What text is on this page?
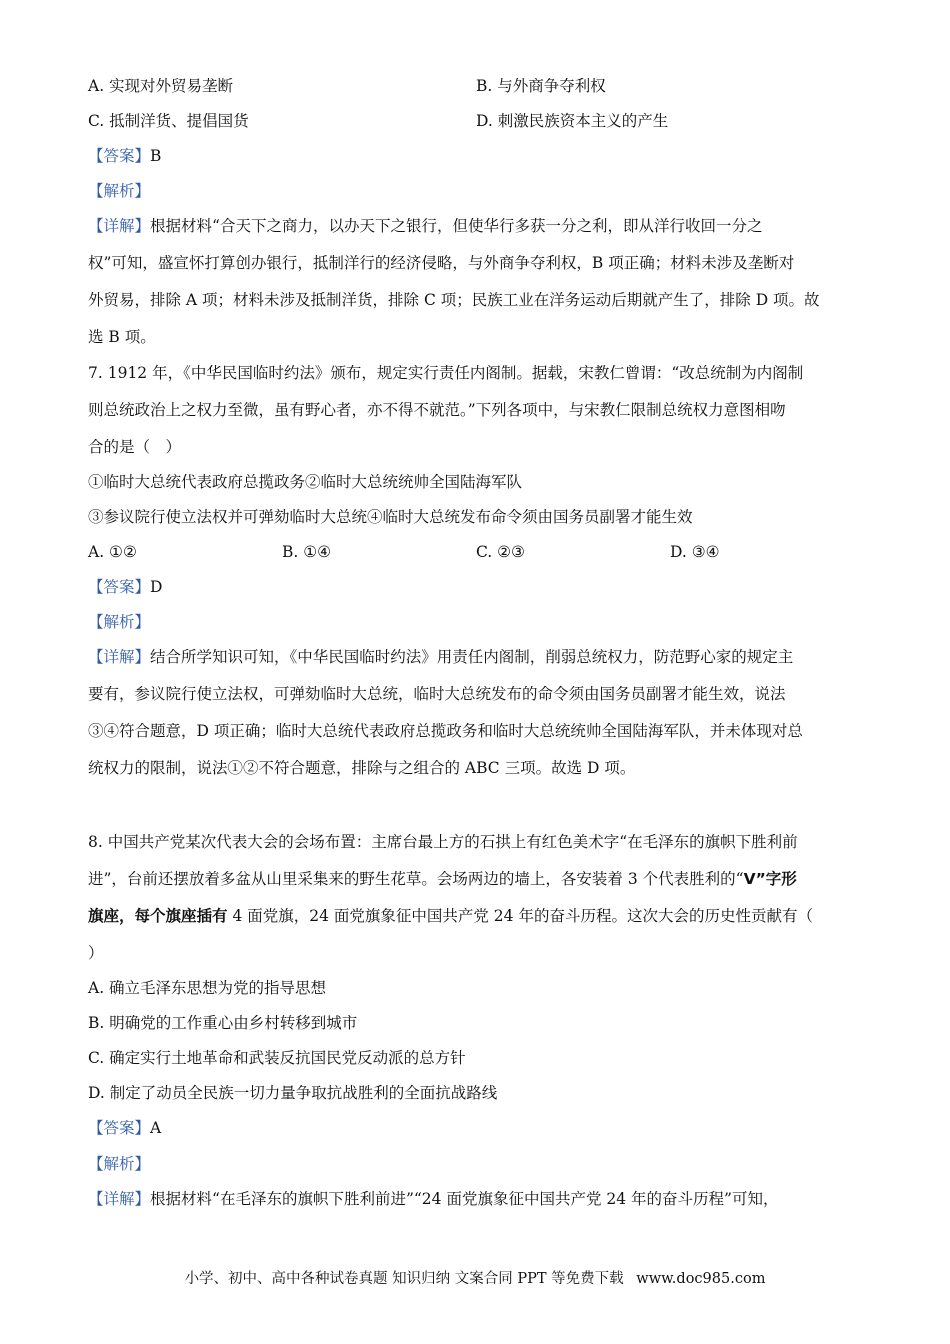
A. 实现对外贸易垄断	B. 与外商争夺利权
C. 抵制洋货、提倡国货	D. 刺激民族资本主义的产生
【答案】B
【解析】
【详解】根据材料“合天下之商力，以办天下之银行，但使华行多获一分之利，即从洋行收回一分之
权”可知，盛宣怀打算创办银行，抵制洋行的经济侵略，与外商争夺利权，B 项正确；材料未涉及垄断对
外贸易，排除 A 项；材料未涉及抵制洋货，排除 C 项；民族工业在洋务运动后期就产生了，排除 D 项。故
选 B 项。
7. 1912 年，《中华民国临时约法》颁布，规定实行责任内阁制。据载，宋教仁曾谓：“改总统制为内阁制
则总统政治上之权力至微，虽有野心者，亦不得不就范。”下列各项中，与宋教仁限制总统权力意图相吻
合的是（　）
①临时大总统代表政府总揽政务②临时大总统统帅全国陆海军队
③参议院行使立法权并可弹劾临时大总统④临时大总统发布命令须由国务员副署才能生效
A. ①②	B. ①④	C. ②③	D. ③④
【答案】D
【解析】
【详解】结合所学知识可知，《中华民国临时约法》用责任内阁制，削弱总统权力，防范野心家的规定主
要有，参议院行使立法权，可弹劾临时大总统，临时大总统发布的命令须由国务员副署才能生效，说法
③④符合题意，D 项正确；临时大总统代表政府总揽政务和临时大总统统帅全国陆海军队，并未体现对总
统权力的限制，说法①②不符合题意，排除与之组合的 ABC 三项。故选 D 项。
8. 中国共产党某次代表大会的会场布置：主席台最上方的石拱上有红色美术字“在毛泽东的旗帜下胜利前
进”，台前还摆放着多盆从山里采集来的野生花草。会场两边的墙上，各安装着 3 个代表胜利的“V”字形
旗座，每个旗座插有 4 面党旗，24 面党旗象征中国共产党 24 年的奋斗历程。这次大会的历史性贡献有（
）
A. 确立毛泽东思想为党的指导思想
B. 明确党的工作重心由乡村转移到城市
C. 确定实行土地革命和武装反抗国民党反动派的总方针
D. 制定了动员全民族一切力量争取抗战胜利的全面抗战路线
【答案】A
【解析】
【详解】根据材料“在毛泽东的旗帜下胜利前进”“24 面党旗象征中国共产党 24 年的奋斗历程”可知，
小学、初中、高中各种试卷真题 知识归纳 文案合同 PPT 等免费下载 www.doc985.com
